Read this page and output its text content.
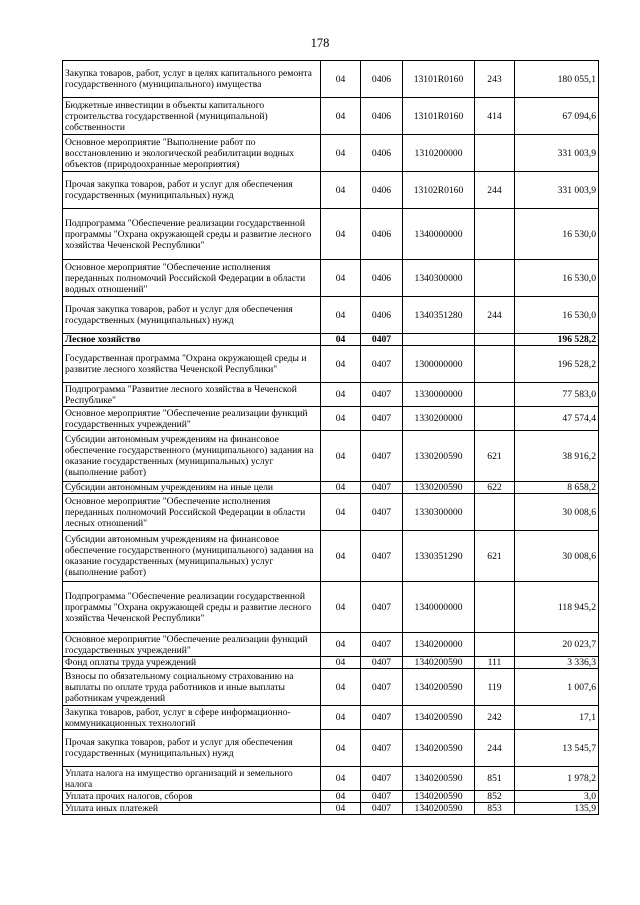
178
Закупка товаров, работ, услуг в целях капитального ремонта государственного (муниципального) имущества	04	0406	13101R0160	243	180 055,1
Бюджетные инвестиции в объекты капитального строительства государственной (муниципальной) собственности	04	0406	13101R0160	414	67 094,6
Основное мероприятие "Выполнение работ по восстановлению и экологической реабилитации водных объектов (природоохранные мероприятия)	04	0406	1310200000		331 003,9
Прочая закупка товаров, работ и услуг для обеспечения государственных (муниципальных) нужд	04	0406	13102R0160	244	331 003,9
Подпрограмма "Обеспечение реализации государственной программы "Охрана окружающей среды и развитие лесного хозяйства Чеченской Республики"	04	0406	1340000000		16 530,0
Основное мероприятие "Обеспечение исполнения переданных полномочий Российской Федерации в области водных отношений"	04	0406	1340300000		16 530,0
Прочая закупка товаров, работ и услуг для обеспечения государственных (муниципальных) нужд	04	0406	1340351280	244	16 530,0
Лесное хозяйство	04	0407			196 528,2
Государственная программа "Охрана окружающей среды и развитие лесного хозяйства Чеченской Республики"	04	0407	1300000000		196 528,2
Подпрограмма "Развитие лесного хозяйства в Чеченской Республике"	04	0407	1330000000		77 583,0
Основное мероприятие "Обеспечение реализации функций государственных учреждений"	04	0407	1330200000		47 574,4
Субсидии автономным учреждениям на финансовое обеспечение государственного (муниципального) задания на оказание государственных (муниципальных) услуг (выполнение работ)	04	0407	1330200590	621	38 916,2
Субсидии автономным учреждениям на иные цели	04	0407	1330200590	622	8 658,2
Основное мероприятие "Обеспечение исполнения переданных полномочий Российской Федерации в области лесных отношений"	04	0407	1330300000		30 008,6
Субсидии автономным учреждениям на финансовое обеспечение государственного (муниципального) задания на оказание государственных (муниципальных) услуг (выполнение работ)	04	0407	1330351290	621	30 008,6
Подпрограмма "Обеспечение реализации государственной программы "Охрана окружающей среды и развитие лесного хозяйства Чеченской Республики"	04	0407	1340000000		118 945,2
Основное мероприятие "Обеспечение реализации функций государственных учреждений"	04	0407	1340200000		20 023,7
Фонд оплаты труда учреждений	04	0407	1340200590	111	3 336,3
Взносы по обязательному социальному страхованию на выплаты по оплате труда работников и иные выплаты работникам учреждений	04	0407	1340200590	119	1 007,6
Закупка товаров, работ, услуг в сфере информационно-коммуникационных технологий	04	0407	1340200590	242	17,1
Прочая закупка товаров, работ и услуг для обеспечения государственных (муниципальных) нужд	04	0407	1340200590	244	13 545,7
Уплата налога на имущество организаций и земельного налога	04	0407	1340200590	851	1 978,2
Уплата прочих налогов, сборов	04	0407	1340200590	852	3,0
Уплата иных платежей	04	0407	1340200590	853	135,9
